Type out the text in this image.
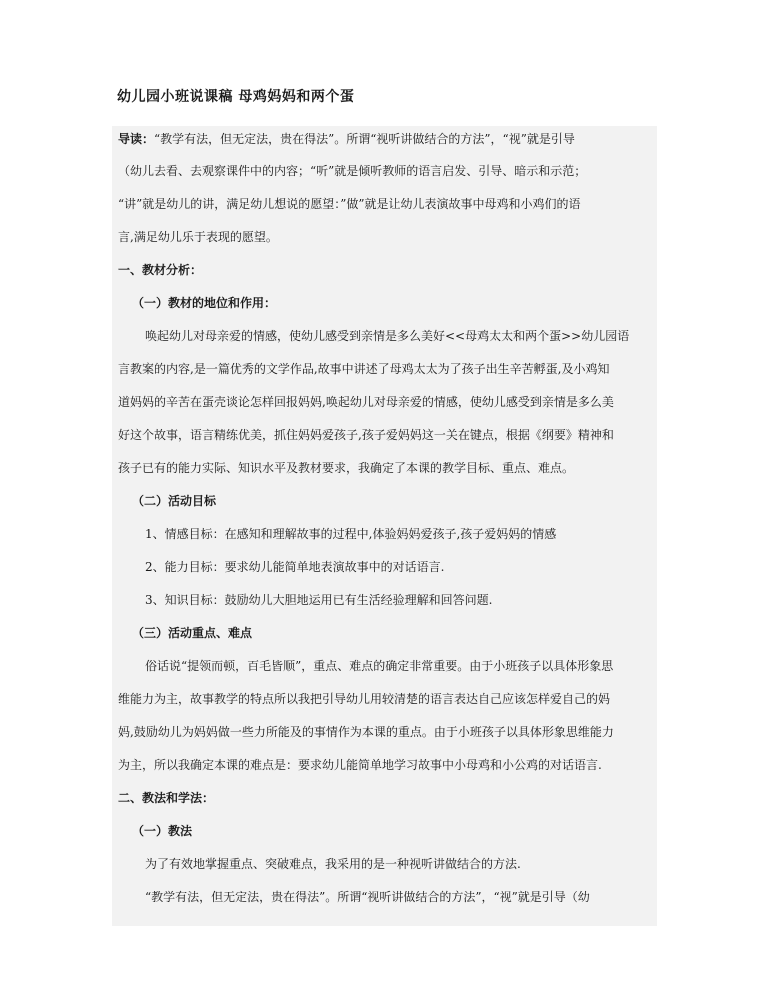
幼儿园小班说课稿 母鸡妈妈和两个蛋
导读：“教学有法，但无定法，贵在得法”。所谓“视听讲做结合的方法”，“视”就是引导
（幼儿去看、去观察课件中的内容；“听”就是倾听教师的语言启发、引导、暗示和示范；
“讲”就是幼儿的讲，满足幼儿想说的愿望：”做”就是让幼儿表演故事中母鸡和小鸡们的语
言,满足幼儿乐于表现的愿望。
一、教材分析：
（一）教材的地位和作用：
唤起幼儿对母亲爱的情感，使幼儿感受到亲情是多么美好<<母鸡太太和两个蛋>>幼儿园语
言教案的内容,是一篇优秀的文学作品,故事中讲述了母鸡太太为了孩子出生辛苦孵蛋,及小鸡知
道妈妈的辛苦在蛋壳谈论怎样回报妈妈,唤起幼儿对母亲爱的情感，使幼儿感受到亲情是多么美
好这个故事，语言精练优美，抓住妈妈爱孩子,孩子爱妈妈这一关在键点，根据《纲要》精神和
孩子已有的能力实际、知识水平及教材要求，我确定了本课的教学目标、重点、难点。
（二）活动目标
1、情感目标：在感知和理解故事的过程中,体验妈妈爱孩子,孩子爱妈妈的情感
2、能力目标：要求幼儿能简单地表演故事中的对话语言.
3、知识目标：鼓励幼儿大胆地运用已有生活经验理解和回答问题.
（三）活动重点、难点
俗话说“提领而顿，百毛皆顺”，重点、难点的确定非常重要。由于小班孩子以具体形象思
维能力为主，故事教学的特点所以我把引导幼儿用较清楚的语言表达自己应该怎样爱自己的妈
妈,鼓励幼儿为妈妈做一些力所能及的事情作为本课的重点。由于小班孩子以具体形象思维能力
为主，所以我确定本课的难点是：要求幼儿能简单地学习故事中小母鸡和小公鸡的对话语言.
二、教法和学法：
（一）教法
为了有效地掌握重点、突破难点，我采用的是一种视听讲做结合的方法.
“教学有法，但无定法，贵在得法”。所谓“视听讲做结合的方法”，“视”就是引导（幼
